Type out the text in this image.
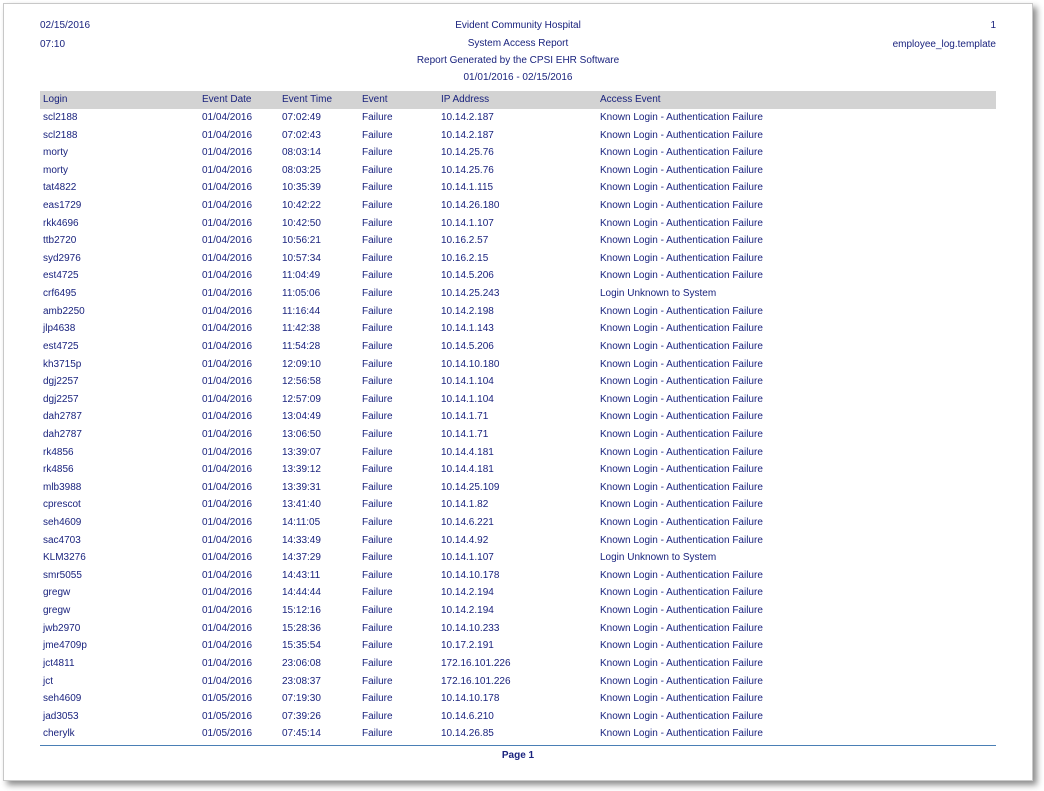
02/15/2016
07:10
Evident Community Hospital
System Access Report
Report Generated by the CPSI EHR Software
01/01/2016 - 02/15/2016
1
employee_log.template
Login	Event Date	Event Time	Event	IP Address	Access Event
scl2188	01/04/2016	07:02:49	Failure	10.14.2.187	Known Login - Authentication Failure
scl2188	01/04/2016	07:02:43	Failure	10.14.2.187	Known Login - Authentication Failure
morty	01/04/2016	08:03:14	Failure	10.14.25.76	Known Login - Authentication Failure
morty	01/04/2016	08:03:25	Failure	10.14.25.76	Known Login - Authentication Failure
tat4822	01/04/2016	10:35:39	Failure	10.14.1.115	Known Login - Authentication Failure
eas1729	01/04/2016	10:42:22	Failure	10.14.26.180	Known Login - Authentication Failure
rkk4696	01/04/2016	10:42:50	Failure	10.14.1.107	Known Login - Authentication Failure
ttb2720	01/04/2016	10:56:21	Failure	10.16.2.57	Known Login - Authentication Failure
syd2976	01/04/2016	10:57:34	Failure	10.16.2.15	Known Login - Authentication Failure
est4725	01/04/2016	11:04:49	Failure	10.14.5.206	Known Login - Authentication Failure
crf6495	01/04/2016	11:05:06	Failure	10.14.25.243	Login Unknown to System
amb2250	01/04/2016	11:16:44	Failure	10.14.2.198	Known Login - Authentication Failure
jlp4638	01/04/2016	11:42:38	Failure	10.14.1.143	Known Login - Authentication Failure
est4725	01/04/2016	11:54:28	Failure	10.14.5.206	Known Login - Authentication Failure
kh3715p	01/04/2016	12:09:10	Failure	10.14.10.180	Known Login - Authentication Failure
dgj2257	01/04/2016	12:56:58	Failure	10.14.1.104	Known Login - Authentication Failure
dgj2257	01/04/2016	12:57:09	Failure	10.14.1.104	Known Login - Authentication Failure
dah2787	01/04/2016	13:04:49	Failure	10.14.1.71	Known Login - Authentication Failure
dah2787	01/04/2016	13:06:50	Failure	10.14.1.71	Known Login - Authentication Failure
rk4856	01/04/2016	13:39:07	Failure	10.14.4.181	Known Login - Authentication Failure
rk4856	01/04/2016	13:39:12	Failure	10.14.4.181	Known Login - Authentication Failure
mlb3988	01/04/2016	13:39:31	Failure	10.14.25.109	Known Login - Authentication Failure
cprescot	01/04/2016	13:41:40	Failure	10.14.1.82	Known Login - Authentication Failure
seh4609	01/04/2016	14:11:05	Failure	10.14.6.221	Known Login - Authentication Failure
sac4703	01/04/2016	14:33:49	Failure	10.14.4.92	Known Login - Authentication Failure
KLM3276	01/04/2016	14:37:29	Failure	10.14.1.107	Login Unknown to System
smr5055	01/04/2016	14:43:11	Failure	10.14.10.178	Known Login - Authentication Failure
gregw	01/04/2016	14:44:44	Failure	10.14.2.194	Known Login - Authentication Failure
gregw	01/04/2016	15:12:16	Failure	10.14.2.194	Known Login - Authentication Failure
jwb2970	01/04/2016	15:28:36	Failure	10.14.10.233	Known Login - Authentication Failure
jme4709p	01/04/2016	15:35:54	Failure	10.17.2.191	Known Login - Authentication Failure
jct4811	01/04/2016	23:06:08	Failure	172.16.101.226	Known Login - Authentication Failure
jct	01/04/2016	23:08:37	Failure	172.16.101.226	Known Login - Authentication Failure
seh4609	01/05/2016	07:19:30	Failure	10.14.10.178	Known Login - Authentication Failure
jad3053	01/05/2016	07:39:26	Failure	10.14.6.210	Known Login - Authentication Failure
cherylk	01/05/2016	07:45:14	Failure	10.14.26.85	Known Login - Authentication Failure
Page 1
